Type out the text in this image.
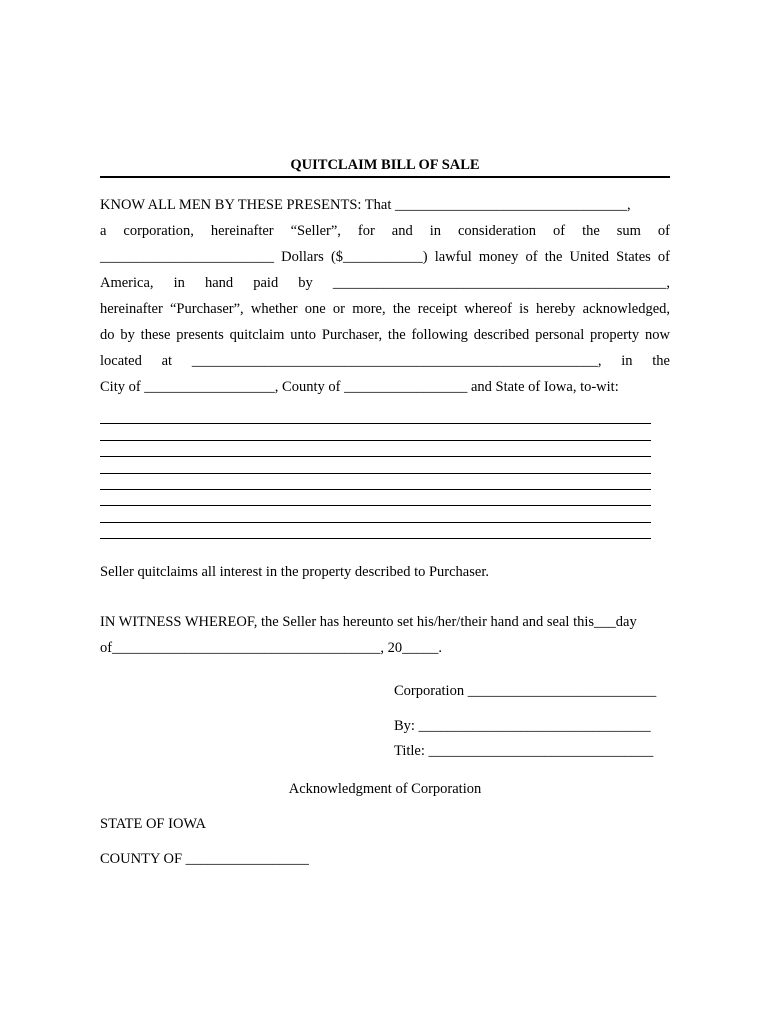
QUITCLAIM BILL OF SALE
KNOW ALL MEN BY THESE PRESENTS: That ________________________________,
a corporation, hereinafter “Seller”, for and in consideration of the sum of
________________________ Dollars ($___________) lawful money of the United States of
America, in hand paid by ______________________________________________,
hereinafter “Purchaser”, whether one or more, the receipt whereof is hereby acknowledged,
do by these presents quitclaim unto Purchaser, the following described personal property now
located at ________________________________________________________, in the
City of __________________, County of _________________ and State of Iowa, to-wit:
Seller quitclaims all interest in the property described to Purchaser.
IN WITNESS WHEREOF, the Seller has hereunto set his/her/their hand and seal this___day
of_____________________________________, 20_____.
Corporation __________________________
By: ________________________________
Title: _______________________________
Acknowledgment of Corporation
STATE OF IOWA
COUNTY OF _________________
